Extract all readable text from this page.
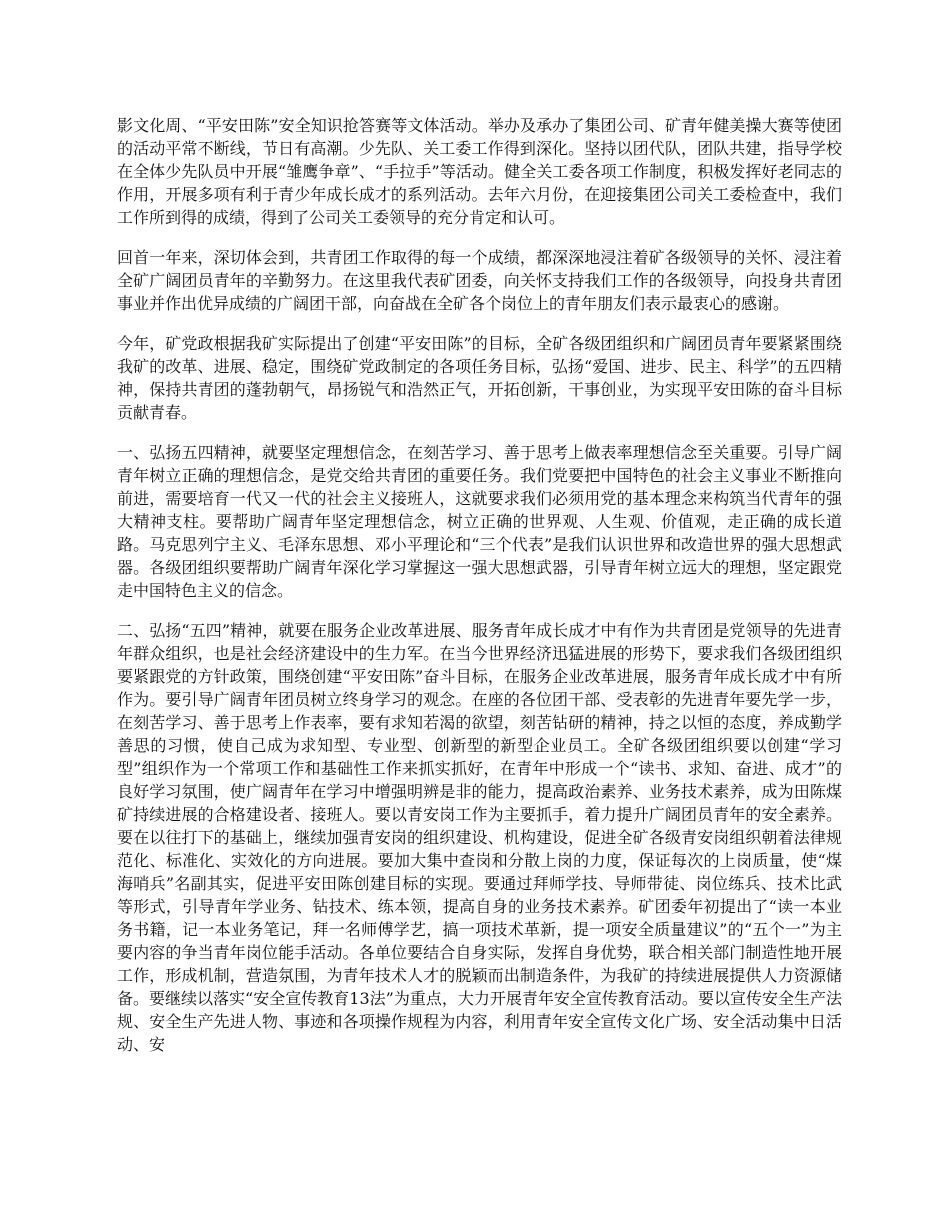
影文化周、“平安田陈”安全知识抢答赛等文体活动。举办及承办了集团公司、矿青年健美操大赛等使团的活动平常不断线，节日有高潮。少先队、关工委工作得到深化。坚持以团代队，团队共建，指导学校在全体少先队员中开展“雏鹰争章”、“手拉手”等活动。健全关工委各项工作制度，积极发挥好老同志的作用，开展多项有利于青少年成长成才的系列活动。去年六月份，在迎接集团公司关工委检查中，我们工作所到得的成绩，得到了公司关工委领导的充分肯定和认可。

回首一年来，深切体会到，共青团工作取得的每一个成绩，都深深地浸注着矿各级领导的关怀、浸注着全矿广阔团员青年的辛勤努力。在这里我代表矿团委，向关怀支持我们工作的各级领导，向投身共青团事业并作出优异成绩的广阔团干部，向奋战在全矿各个岗位上的青年朋友们表示最衷心的感谢。

今年，矿党政根据我矿实际提出了创建“平安田陈”的目标，全矿各级团组织和广阔团员青年要紧紧围绕我矿的改革、进展、稳定，围绕矿党政制定的各项任务目标，弘扬“爱国、进步、民主、科学”的五四精神，保持共青团的蓬勃朝气，昂扬锐气和浩然正气，开拓创新，干事创业，为实现平安田陈的奋斗目标贡献青春。

一、弘扬五四精神，就要坚定理想信念，在刻苦学习、善于思考上做表率理想信念至关重要。引导广阔青年树立正确的理想信念，是党交给共青团的重要任务。我们党要把中国特色的社会主义事业不断推向前进，需要培育一代又一代的社会主义接班人，这就要求我们必须用党的基本理念来构筑当代青年的强大精神支柱。要帮助广阔青年坚定理想信念，树立正确的世界观、人生观、价值观，走正确的成长道路。马克思列宁主义、毛泽东思想、邓小平理论和“三个代表”是我们认识世界和改造世界的强大思想武器。各级团组织要帮助广阔青年深化学习掌握这一强大思想武器，引导青年树立远大的理想，坚定跟党走中国特色主义的信念。

二、弘扬“五四”精神，就要在服务企业改革进展、服务青年成长成才中有作为共青团是党领导的先进青年群众组织，也是社会经济建设中的生力军。在当今世界经济迅猛进展的形势下，要求我们各级团组织要紧跟党的方针政策，围绕创建“平安田陈”奋斗目标，在服务企业改革进展，服务青年成长成才中有所作为。要引导广阔青年团员树立终身学习的观念。在座的各位团干部、受表彰的先进青年要先学一步，在刻苦学习、善于思考上作表率，要有求知若渴的欲望，刻苦钻研的精神，持之以恒的态度，养成勤学善思的习惯，使自己成为求知型、专业型、创新型的新型企业员工。全矿各级团组织要以创建“学习型”组织作为一个常项工作和基础性工作来抓实抓好，在青年中形成一个“读书、求知、奋进、成才”的良好学习氛围，使广阔青年在学习中增强明辨是非的能力，提高政治素养、业务技术素养，成为田陈煤矿持续进展的合格建设者、接班人。要以青安岗工作为主要抓手，着力提升广阔团员青年的安全素养。要在以往打下的基础上，继续加强青安岗的组织建设、机构建设，促进全矿各级青安岗组织朝着法律规范化、标准化、实效化的方向进展。要加大集中查岗和分散上岗的力度，保证每次的上岗质量，使“煤海哨兵”名副其实，促进平安田陈创建目标的实现。要通过拜师学技、导师带徒、岗位练兵、技术比武等形式，引导青年学业务、钻技术、练本领，提高自身的业务技术素养。矿团委年初提出了“读一本业务书籍，记一本业务笔记，拜一名师傅学艺，搞一项技术革新，提一项安全质量建议”的“五个一”为主要内容的争当青年岗位能手活动。各单位要结合自身实际，发挥自身优势，联合相关部门制造性地开展工作，形成机制，营造氛围，为青年技术人才的脱颖而出制造条件，为我矿的持续进展提供人力资源储备。要继续以落实“安全宣传教育13法”为重点，大力开展青年安全宣传教育活动。要以宣传安全生产法规、安全生产先进人物、事迹和各项操作规程为内容，利用青年安全宣传文化广场、安全活动集中日活动、安
